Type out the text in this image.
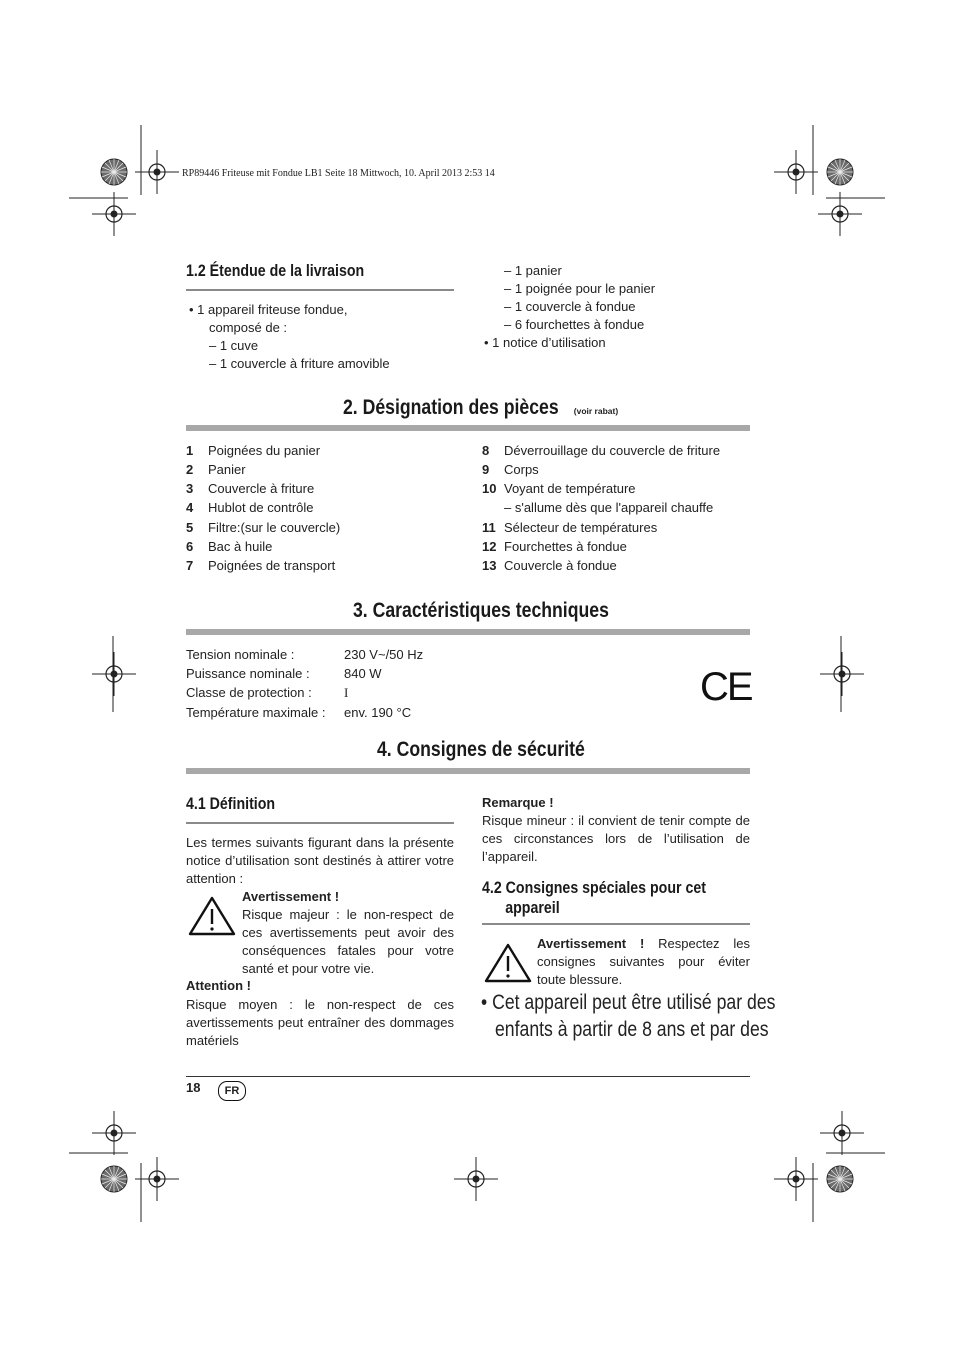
RP89446 Friteuse mit Fondue LB1 Seite 18 Mittwoch, 10. April 2013 2:53 14
1.2 Étendue de la livraison
• 1 appareil friteuse fondue,
composé de :
– 1 cuve
– 1 couvercle à friture amovible
– 1 panier
– 1 poignée pour le panier
– 1 couvercle à fondue
– 6 fourchettes à fondue
• 1 notice d’utilisation
2. Désignation des pièces (voir rabat)
1 Poignées du panier
2 Panier
3 Couvercle à friture
4 Hublot de contrôle
5 Filtre:(sur le couvercle)
6 Bac à huile
7 Poignées de transport
8 Déverrouillage du couvercle de friture
9 Corps
10 Voyant de température
– s'allume dès que l'appareil chauffe
11 Sélecteur de températures
12 Fourchettes à fondue
13 Couvercle à fondue
3. Caractéristiques techniques
Tension nominale :	230 V~/50 Hz
Puissance nominale :	840 W
Classe de protection : I
Température maximale : env. 190 °C
CE
4. Consignes de sécurité
4.1 Définition
Les termes suivants figurant dans la présente notice d’utilisation sont destinés à attirer votre attention :
Avertissement !
Risque majeur : le non-respect de ces avertissements peut avoir des conséquences fatales pour votre santé et pour votre vie.
Attention !
Risque moyen : le non-respect de ces avertissements peut entraîner des dommages matériels
Remarque !
Risque mineur : il convient de tenir compte de ces circonstances lors de l’utilisation de l’appareil.
4.2 Consignes spéciales pour cet
appareil
Avertissement ! Respectez les consignes suivantes pour éviter toute blessure.
• Cet appareil peut être utilisé par des
enfants à partir de 8 ans et par des
18	FR
